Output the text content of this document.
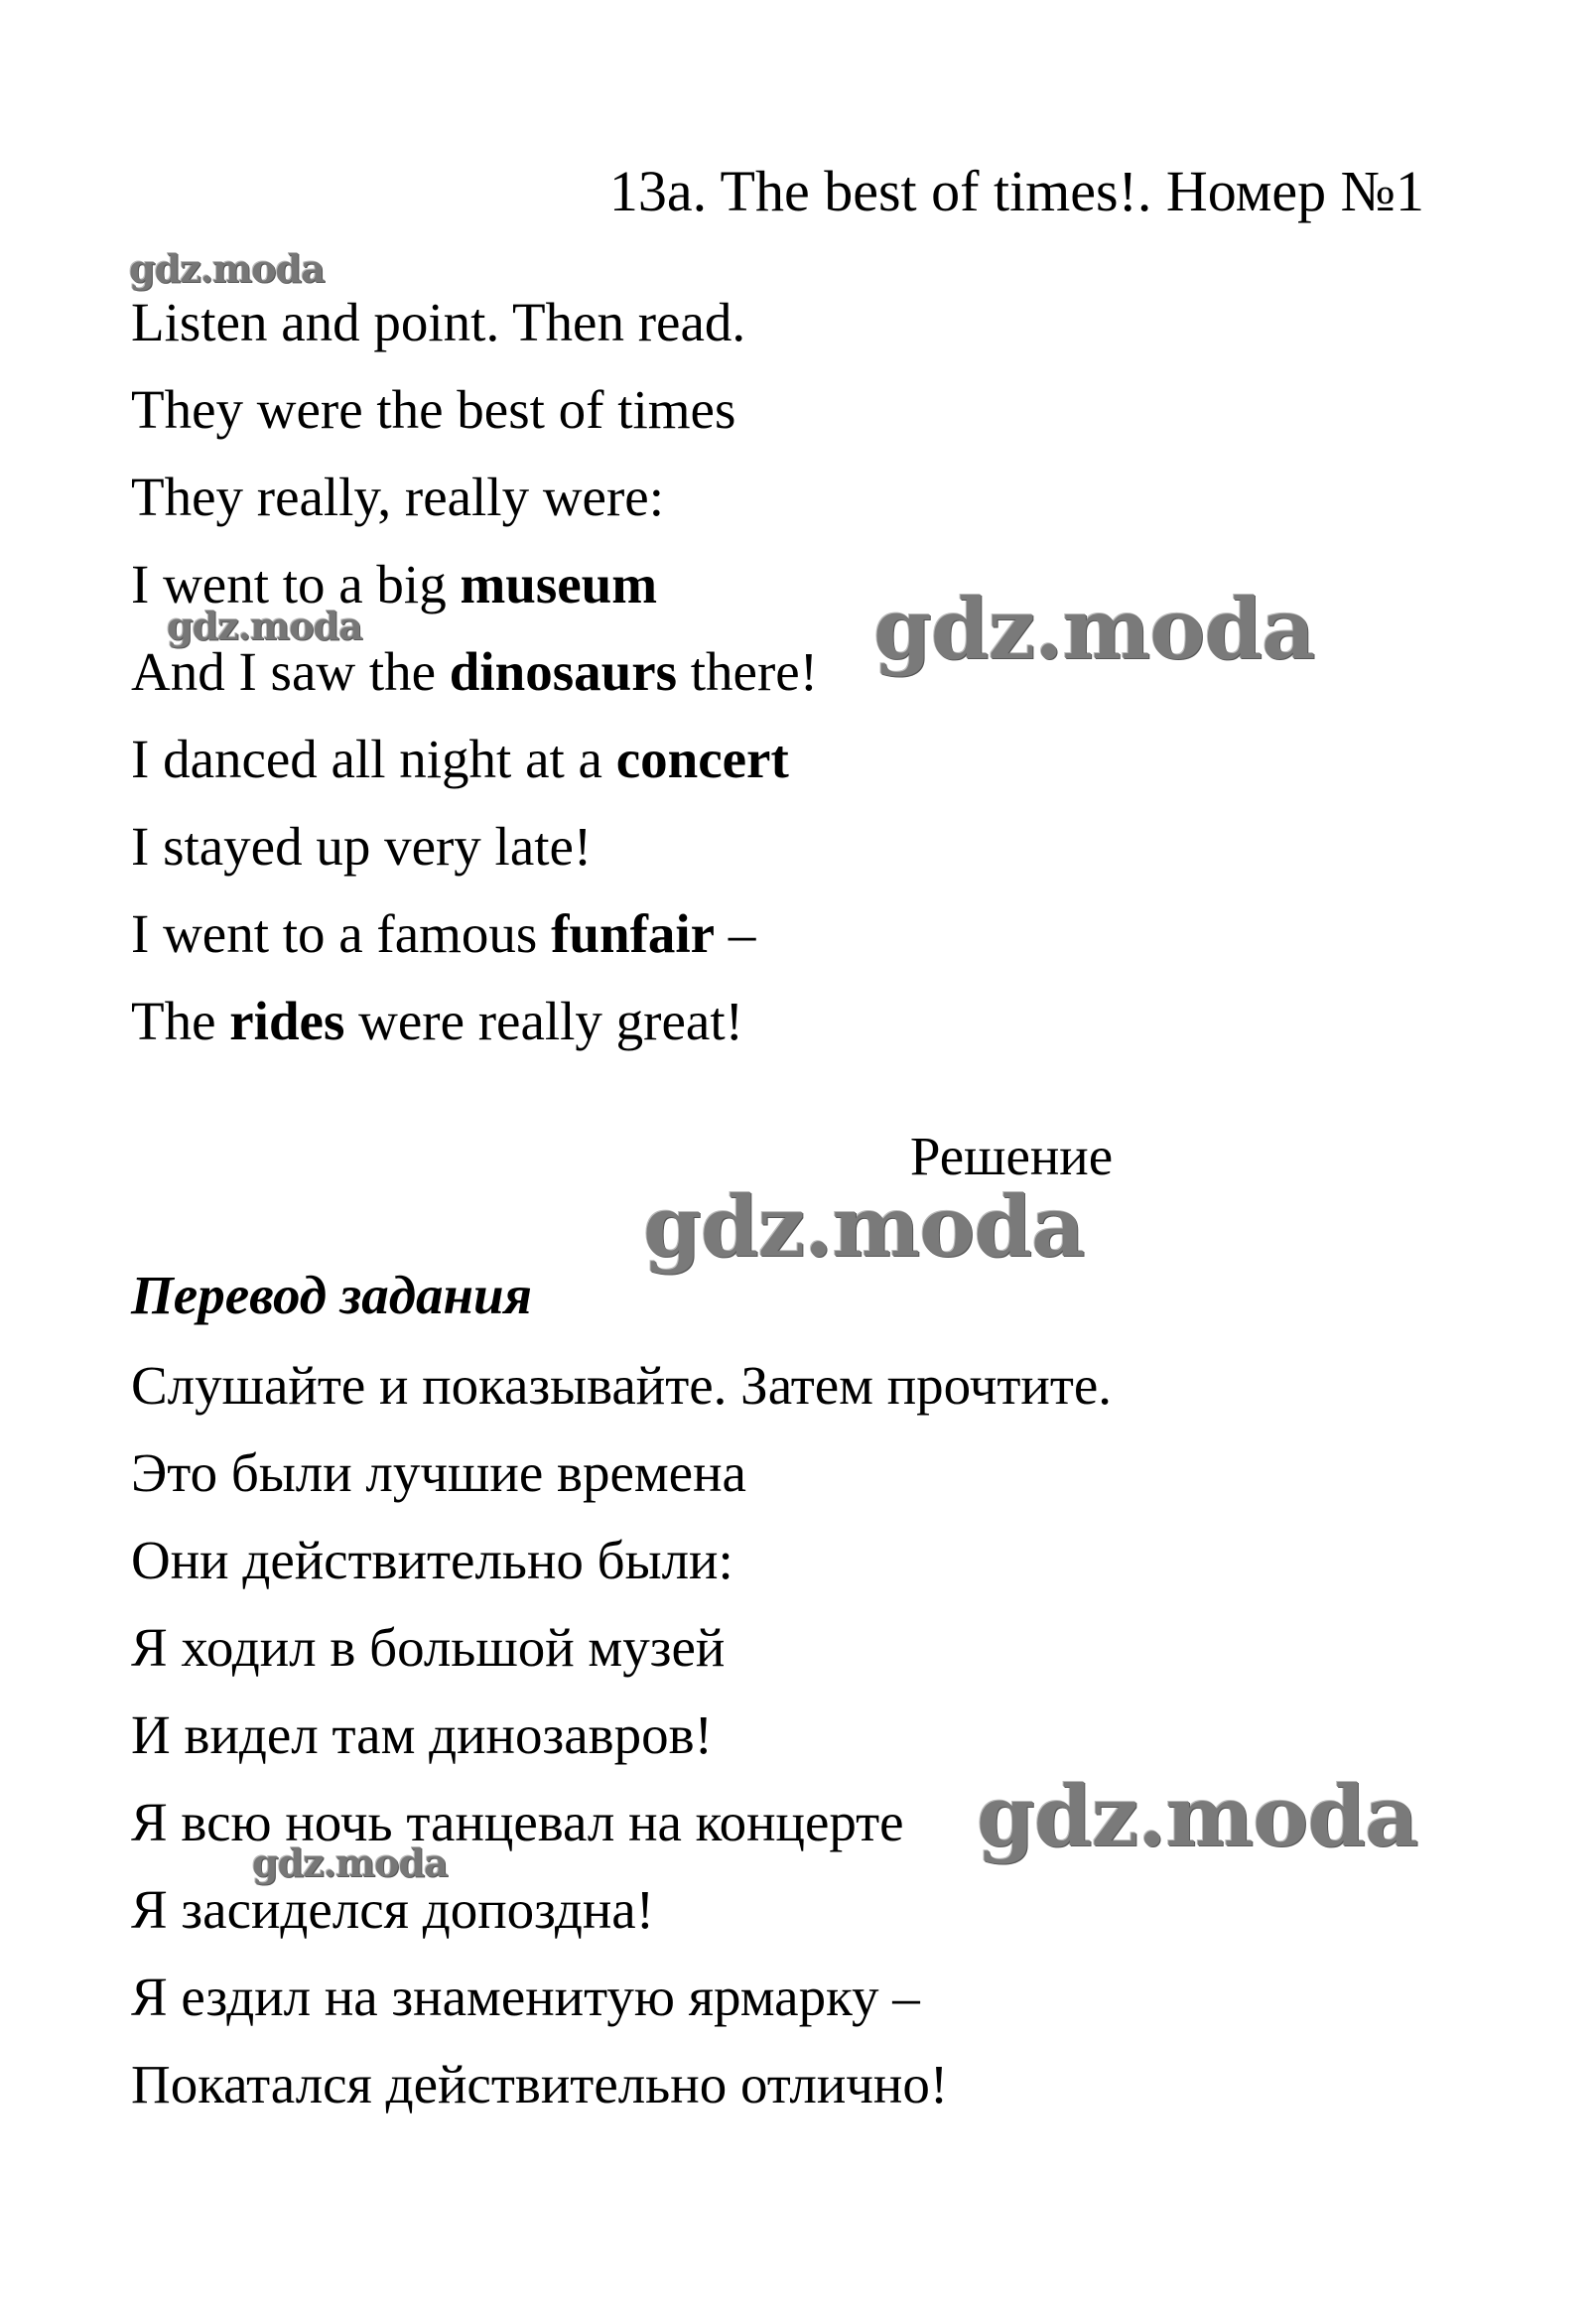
13a. The best of times!. Номер №1
Listen and point. Then read.
They were the best of times
They really, really were:
I went to a big museum
And I saw the dinosaurs there!
I danced all night at a concert
I stayed up very late!
I went to a famous funfair –
The rides were really great!
Решение
Перевод задания
Слушайте и показывайте. Затем прочтите.
Это были лучшие времена
Они действительно были:
Я ходил в большой музей
И видел там динозавров!
Я всю ночь танцевал на концерте
Я засиделся допоздна!
Я ездил на знаменитую ярмарку –
Покатался действительно отлично!
gdz.moda
gdz.moda	gdz.moda
gdz.moda
gdz.moda
gdz.moda
